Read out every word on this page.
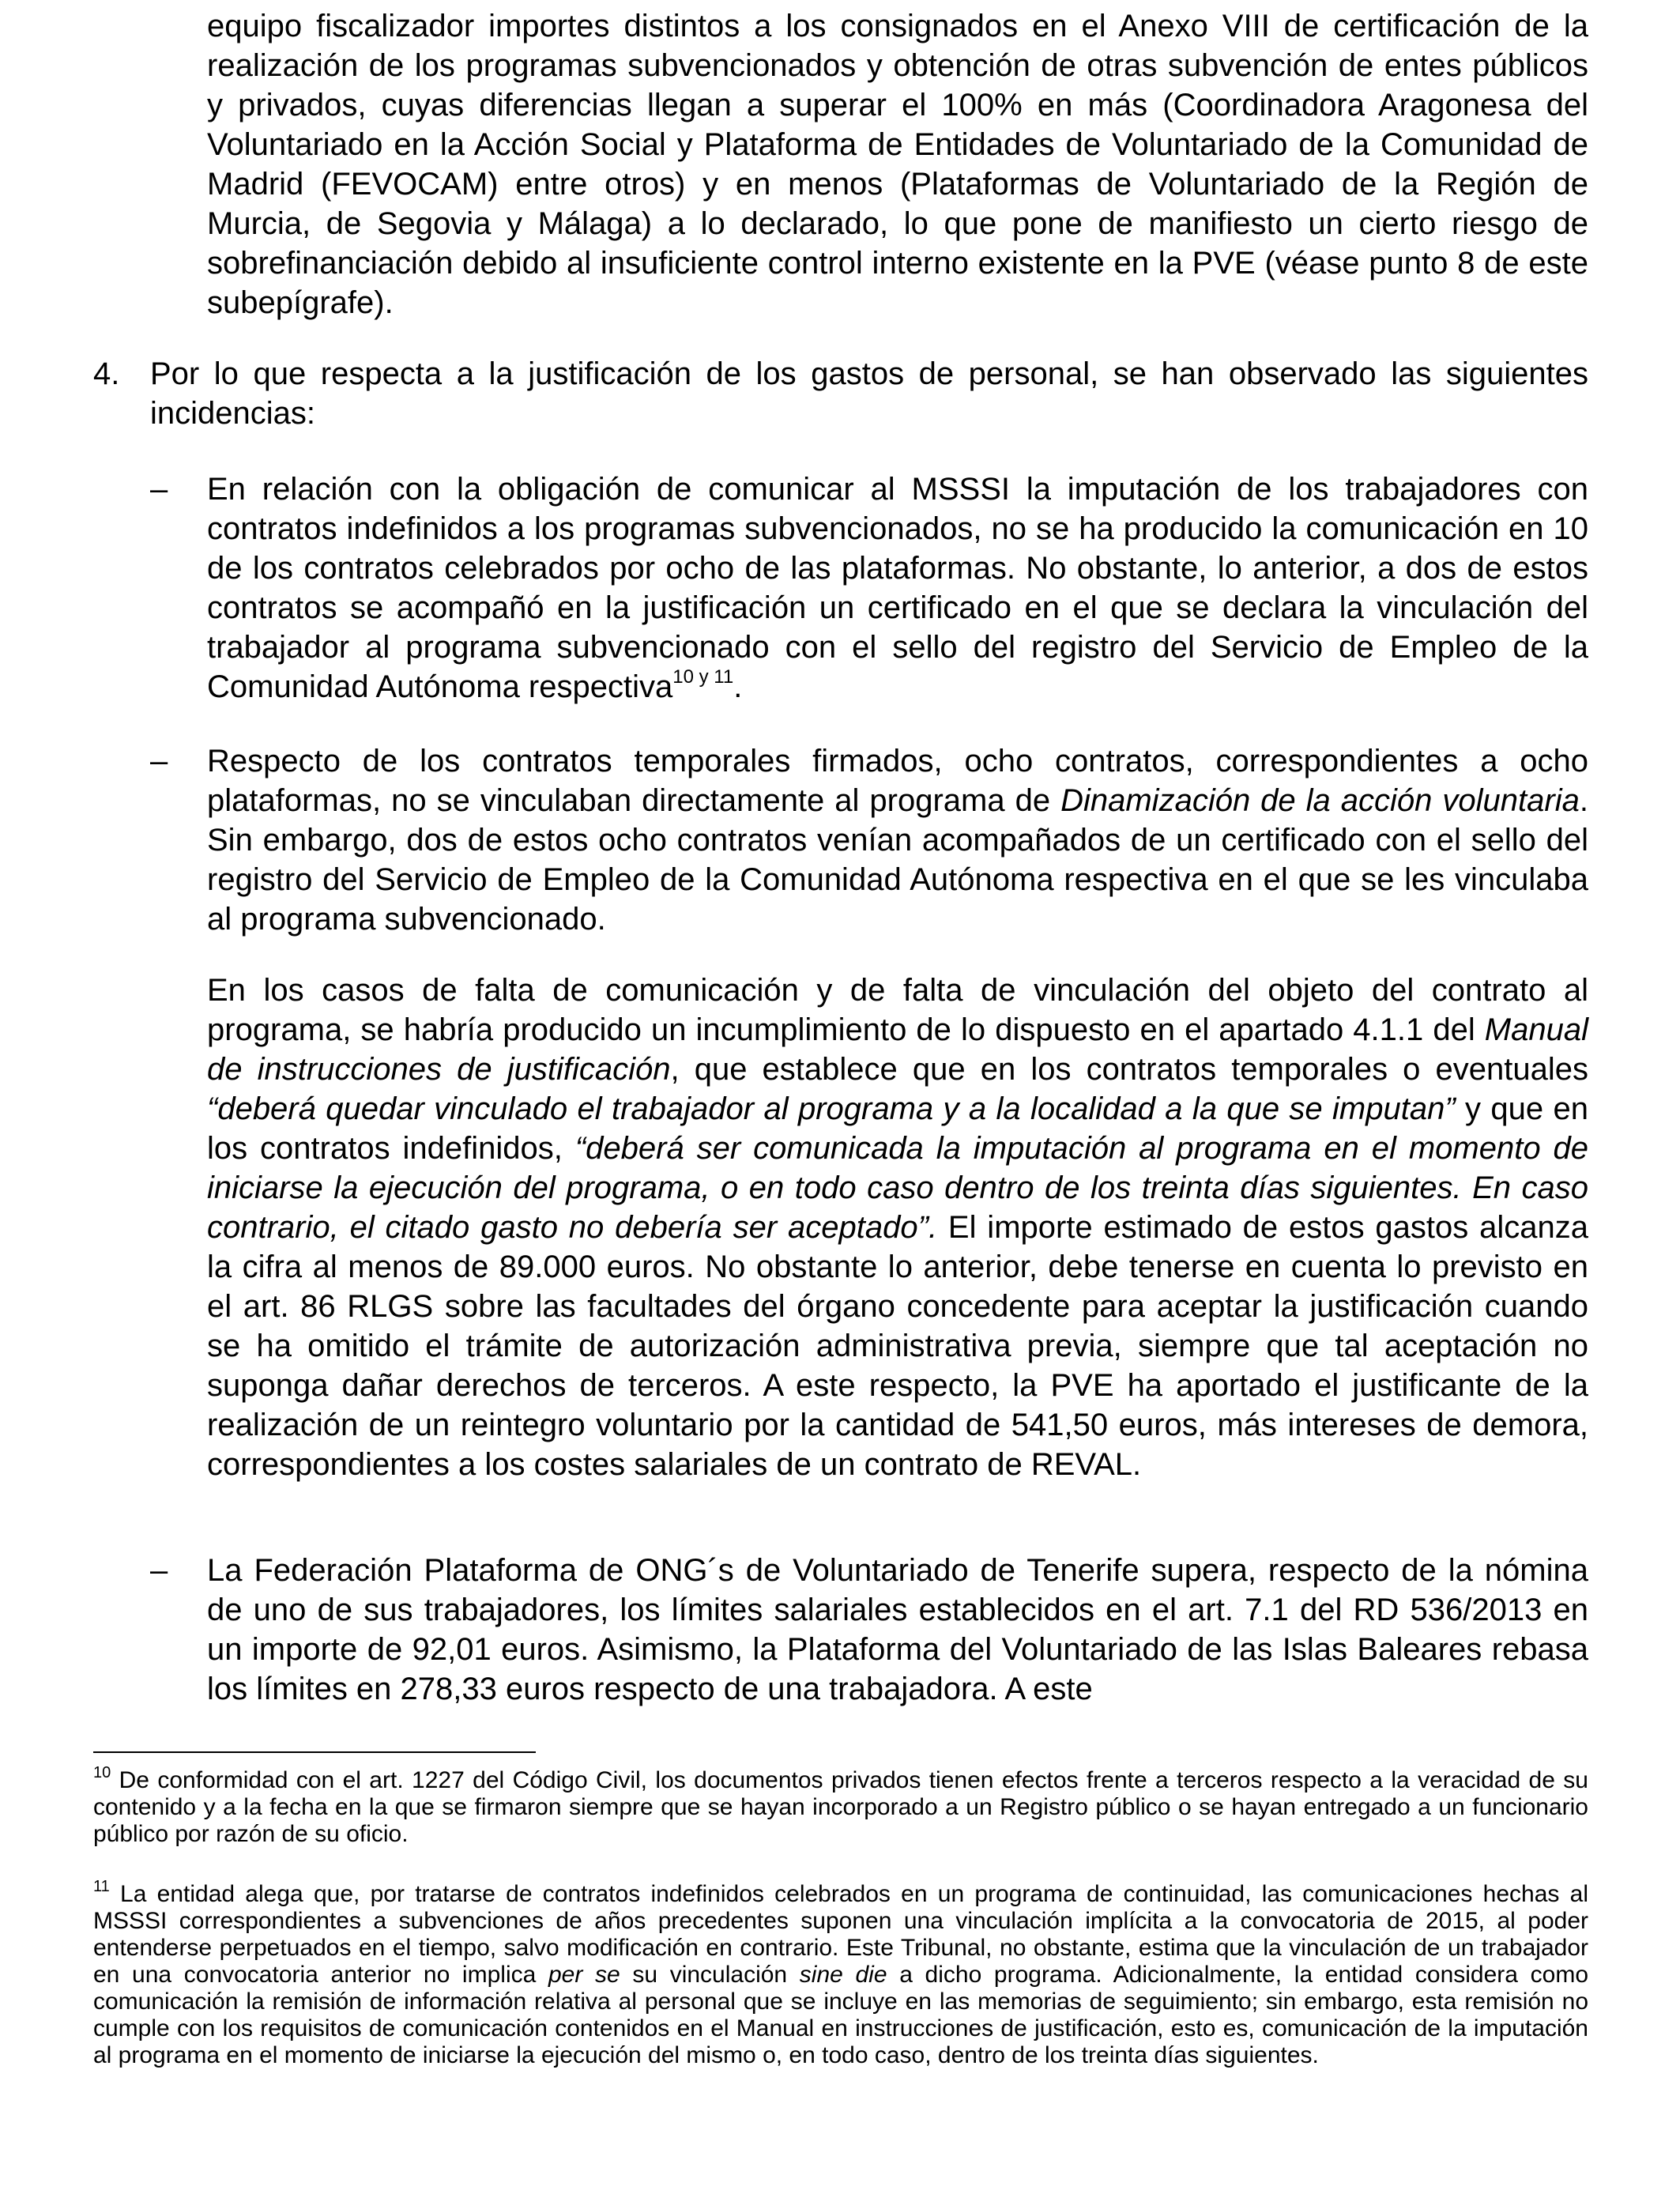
equipo fiscalizador importes distintos a los consignados en el Anexo VIII de certificación de la realización de los programas subvencionados y obtención de otras subvención de entes públicos y privados, cuyas diferencias llegan a superar el 100% en más (Coordinadora Aragonesa del Voluntariado en la Acción Social y Plataforma de Entidades de Voluntariado de la Comunidad de Madrid (FEVOCAM) entre otros) y en menos (Plataformas de Voluntariado de la Región de Murcia, de Segovia y Málaga) a lo declarado, lo que pone de manifiesto un cierto riesgo de sobrefinanciación debido al insuficiente control interno existente en la PVE (véase punto 8 de este subepígrafe).

4. Por lo que respecta a la justificación de los gastos de personal, se han observado las siguientes incidencias:

– En relación con la obligación de comunicar al MSSSI la imputación de los trabajadores con contratos indefinidos a los programas subvencionados, no se ha producido la comunicación en 10 de los contratos celebrados por ocho de las plataformas. No obstante, lo anterior, a dos de estos contratos se acompañó en la justificación un certificado en el que se declara la vinculación del trabajador al programa subvencionado con el sello del registro del Servicio de Empleo de la Comunidad Autónoma respectiva$^{10 y 11}$.

– Respecto de los contratos temporales firmados, ocho contratos, correspondientes a ocho plataformas, no se vinculaban directamente al programa de Dinamización de la acción voluntaria. Sin embargo, dos de estos ocho contratos venían acompañados de un certificado con el sello del registro del Servicio de Empleo de la Comunidad Autónoma respectiva en el que se les vinculaba al programa subvencionado.

En los casos de falta de comunicación y de falta de vinculación del objeto del contrato al programa, se habría producido un incumplimiento de lo dispuesto en el apartado 4.1.1 del Manual de instrucciones de justificación, que establece que en los contratos temporales o eventuales “deberá quedar vinculado el trabajador al programa y a la localidad a la que se imputan” y que en los contratos indefinidos, “deberá ser comunicada la imputación al programa en el momento de iniciarse la ejecución del programa, o en todo caso dentro de los treinta días siguientes. En caso contrario, el citado gasto no debería ser aceptado”. El importe estimado de estos gastos alcanza la cifra al menos de 89.000 euros. No obstante lo anterior, debe tenerse en cuenta lo previsto en el art. 86 RLGS sobre las facultades del órgano concedente para aceptar la justificación cuando se ha omitido el trámite de autorización administrativa previa, siempre que tal aceptación no suponga dañar derechos de terceros. A este respecto, la PVE ha aportado el justificante de la realización de un reintegro voluntario por la cantidad de 541,50 euros, más intereses de demora, correspondientes a los costes salariales de un contrato de REVAL.

– La Federación Plataforma de ONG´s de Voluntariado de Tenerife supera, respecto de la nómina de uno de sus trabajadores, los límites salariales establecidos en el art. 7.1 del RD 536/2013 en un importe de 92,01 euros. Asimismo, la Plataforma del Voluntariado de las Islas Baleares rebasa los límites en 278,33 euros respecto de una trabajadora. A este

$^{10}$ De conformidad con el art. 1227 del Código Civil, los documentos privados tienen efectos frente a terceros respecto a la veracidad de su contenido y a la fecha en la que se firmaron siempre que se hayan incorporado a un Registro público o se hayan entregado a un funcionario público por razón de su oficio.

$^{11}$ La entidad alega que, por tratarse de contratos indefinidos celebrados en un programa de continuidad, las comunicaciones hechas al MSSSI correspondientes a subvenciones de años precedentes suponen una vinculación implícita a la convocatoria de 2015, al poder entenderse perpetuados en el tiempo, salvo modificación en contrario. Este Tribunal, no obstante, estima que la vinculación de un trabajador en una convocatoria anterior no implica per se su vinculación sine die a dicho programa. Adicionalmente, la entidad considera como comunicación la remisión de información relativa al personal que se incluye en las memorias de seguimiento; sin embargo, esta remisión no cumple con los requisitos de comunicación contenidos en el Manual en instrucciones de justificación, esto es, comunicación de la imputación al programa en el momento de iniciarse la ejecución del mismo o, en todo caso, dentro de los treinta días siguientes.
